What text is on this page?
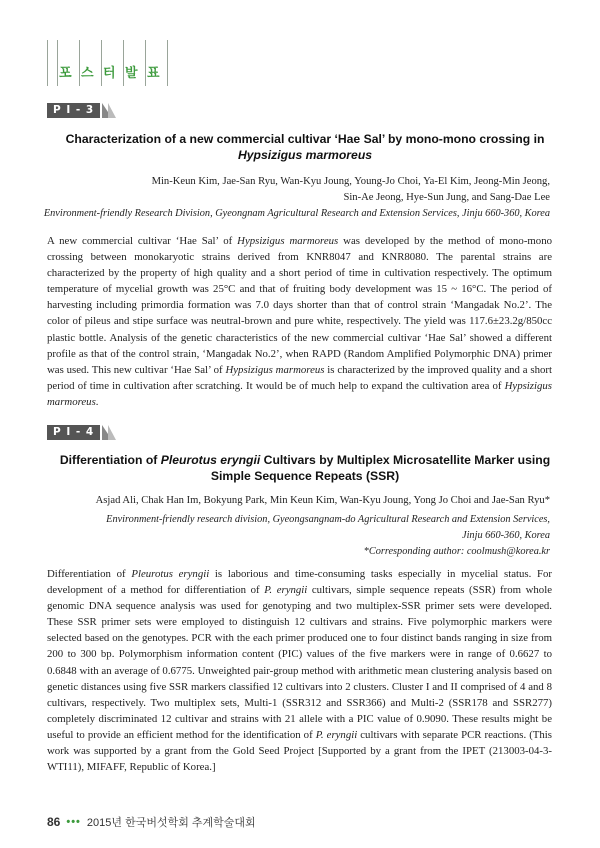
포 스 터 발 표
P I - 3
Characterization of a new commercial cultivar ‘Hae Sal’ by mono-mono crossing in
Hypsizigus marmoreus
Min-Keun Kim, Jae-San Ryu, Wan-Kyu Joung, Young-Jo Choi, Ya-El Kim, Jeong-Min Jeong,
Sin-Ae Jeong, Hye-Sun Jung, and Sang-Dae Lee
Environment-friendly Research Division, Gyeongnam Agricultural Research and Extension Services, Jinju 660-360, Korea

A new commercial cultivar ‘Hae Sal’ of Hypsizigus marmoreus was developed by the method of mono-mono crossing between monokaryotic strains derived from KNR8047 and KNR8080. The parental strains are characterized by the property of high quality and a short period of time in cultivation respectively. The optimum temperature of mycelial growth was 25°C and that of fruiting body development was 15 ~ 16°C. The period of harvesting including primordia formation was 7.0 days shorter than that of control strain ‘Mangadak No.2’. The color of pileus and stipe surface was neutral-brown and pure white, respectively. The yield was 117.6±23.2g/850cc plastic bottle. Analysis of the genetic characteristics of the new commercial cultivar ‘Hae Sal’ showed a different profile as that of the control strain, ‘Mangadak No.2’, when RAPD (Random Amplified Polymorphic DNA) primer was used. This new cultivar ‘Hae Sal’ of Hypsizigus marmoreus is characterized by the improved quality and a short period of time in cultivation after scratching. It would be of much help to expand the cultivation area of Hypsizigus marmoreus.

P I - 4
Differentiation of Pleurotus eryngii Cultivars by Multiplex Microsatellite Marker using
Simple Sequence Repeats (SSR)
Asjad Ali, Chak Han Im, Bokyung Park, Min Keun Kim, Wan-Kyu Joung, Yong Jo Choi and Jae-San Ryu*
Environment-friendly research division, Gyeongsangnam-do Agricultural Research and Extension Services,
Jinju 660-360, Korea
*Corresponding author: coolmush@korea.kr

Differentiation of Pleurotus eryngii is laborious and time-consuming tasks especially in mycelial status. For development of a method for differentiation of P. eryngii cultivars, simple sequence repeats (SSR) from whole genomic DNA sequence analysis was used for genotyping and two multiplex-SSR primer sets were developed. These SSR primer sets were employed to distinguish 12 cultivars and strains. Five polymorphic markers were selected based on the genotypes. PCR with the each primer produced one to four distinct bands ranging in size from 200 to 300 bp. Polymorphism information content (PIC) values of the five markers were in range of 0.6627 to 0.6848 with an average of 0.6775. Unweighted pair-group method with arithmetic mean clustering analysis based on genetic distances using five SSR markers classified 12 cultivars into 2 clusters. Cluster I and II comprised of 4 and 8 cultivars, respectively. Two multiplex sets, Multi-1 (SSR312 and SSR366) and Multi-2 (SSR178 and SSR277) completely discriminated 12 cultivar and strains with 21 allele with a PIC value of 0.9090. These results might be useful to provide an efficient method for the identification of P. eryngii cultivars with separate PCR reactions. (This work was supported by a grant from the Gold Seed Project [Supported by a grant from the IPET (213003-04-3-WTI11), MIFAFF, Republic of Korea.]

86 ••• 2015년 한국버섯학회 추계학술대회
